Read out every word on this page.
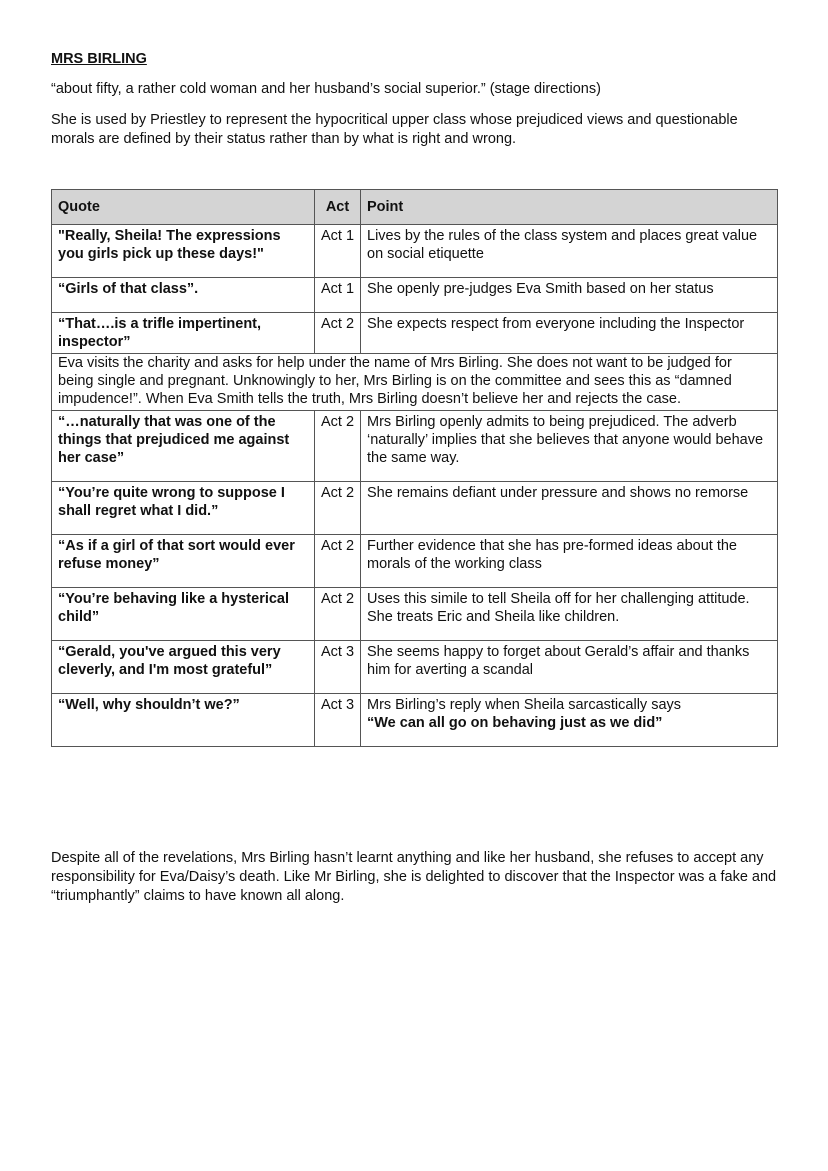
MRS BIRLING
“about fifty, a rather cold woman and her husband’s social superior.” (stage directions)
She is used by Priestley to represent the hypocritical upper class whose prejudiced views and questionable morals are defined by their status rather than by what is right and wrong.
Quote	Act	Point
"Really, Sheila! The expressions you girls pick up these days!"	Act 1	Lives by the rules of the class system and places great value on social etiquette
“Girls of that class”.	Act 1	She openly pre-judges Eva Smith based on her status
“That….is a trifle impertinent, inspector”	Act 2	She expects respect from everyone including the Inspector
Eva visits the charity and asks for help under the name of Mrs Birling. She does not want to be judged for being single and pregnant. Unknowingly to her, Mrs Birling is on the committee and sees this as “damned impudence!”. When Eva Smith tells the truth, Mrs Birling doesn’t believe her and rejects the case.		
“…naturally that was one of the things that prejudiced me against her case”	Act 2	Mrs Birling openly admits to being prejudiced. The adverb ‘naturally’ implies that she believes that anyone would behave the same way.
“You’re quite wrong to suppose I shall regret what I did.”	Act 2	She remains defiant under pressure and shows no remorse
“As if a girl of that sort would ever refuse money”	Act 2	Further evidence that she has pre-formed ideas about the morals of the working class
“You’re behaving like a hysterical child”	Act 2	Uses this simile to tell Sheila off for her challenging attitude. She treats Eric and Sheila like children.
“Gerald, you've argued this very cleverly, and I'm most grateful”	Act 3	She seems happy to forget about Gerald’s affair and thanks him for averting a scandal
“Well, why shouldn’t we?”	Act 3	Mrs Birling’s reply when Sheila sarcastically says
“We can all go on behaving just as we did”
Despite all of the revelations, Mrs Birling hasn’t learnt anything and like her husband, she refuses to accept any responsibility for Eva/Daisy’s death. Like Mr Birling, she is delighted to discover that the Inspector was a fake and “triumphantly” claims to have known all along.
